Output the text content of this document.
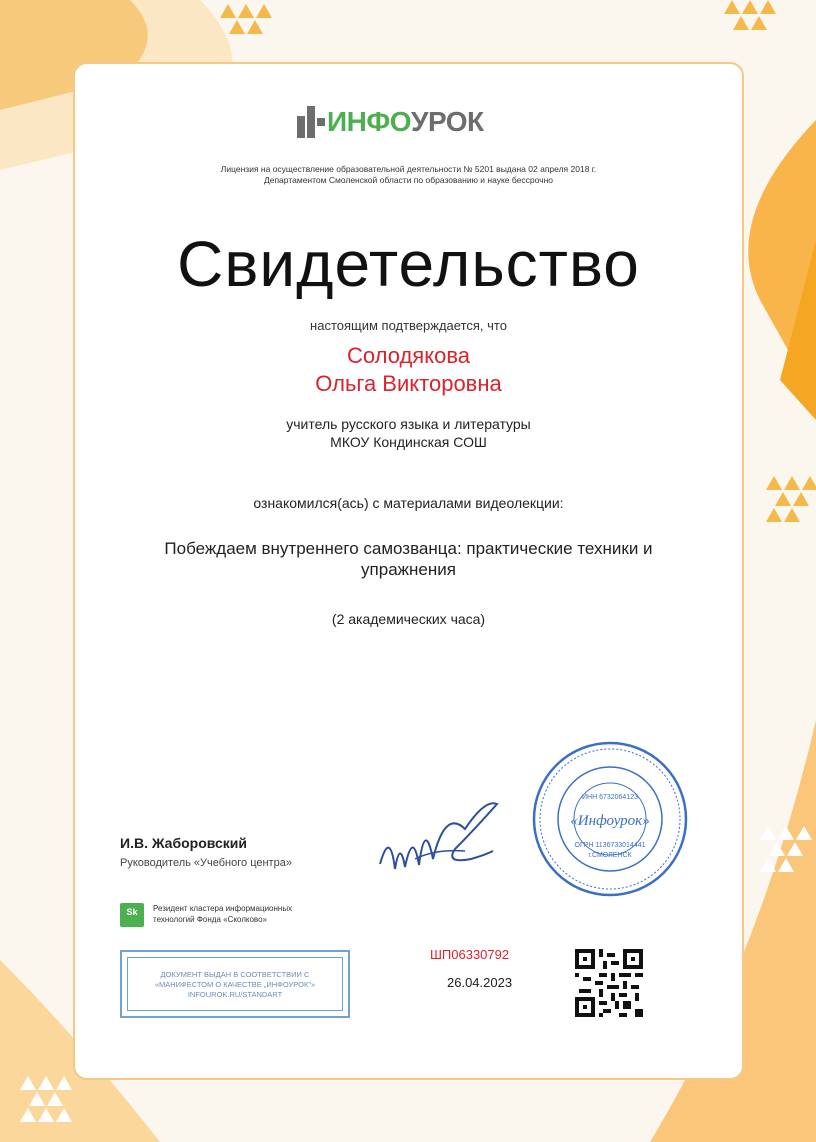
ИНФО УРОК
Лицензия на осуществление образовательной деятельности № 5201 выдана 02 апреля 2018 г.
Департаментом Смоленской области по образованию и науке бессрочно
Свидетельство
настоящим подтверждается, что
Солодякова
Ольга Викторовна
учитель русского языка и литературы
МКОУ Кондинская СОШ
ознакомился(ась) с материалами видеолекции:
Побеждаем внутреннего самозванца: практические техники и
упражнения
(2 академических часа)
И.В. Жаборовский
Руководитель «Учебного центра»
«Инфоурок»
ИНН 6732064123
ОГРН 1136733014441
г.СМОЛЕНСК
Sk	Резидент кластера информационных
технологий Фонда «Сколково»
ДОКУМЕНТ ВЫДАН В СООТВЕТСТВИИ С
«МАНИФЕСТОМ О КАЧЕСТВЕ „ИНФОУРОК"»
INFOUROK.RU/STANDART
ШП06330792
26.04.2023
